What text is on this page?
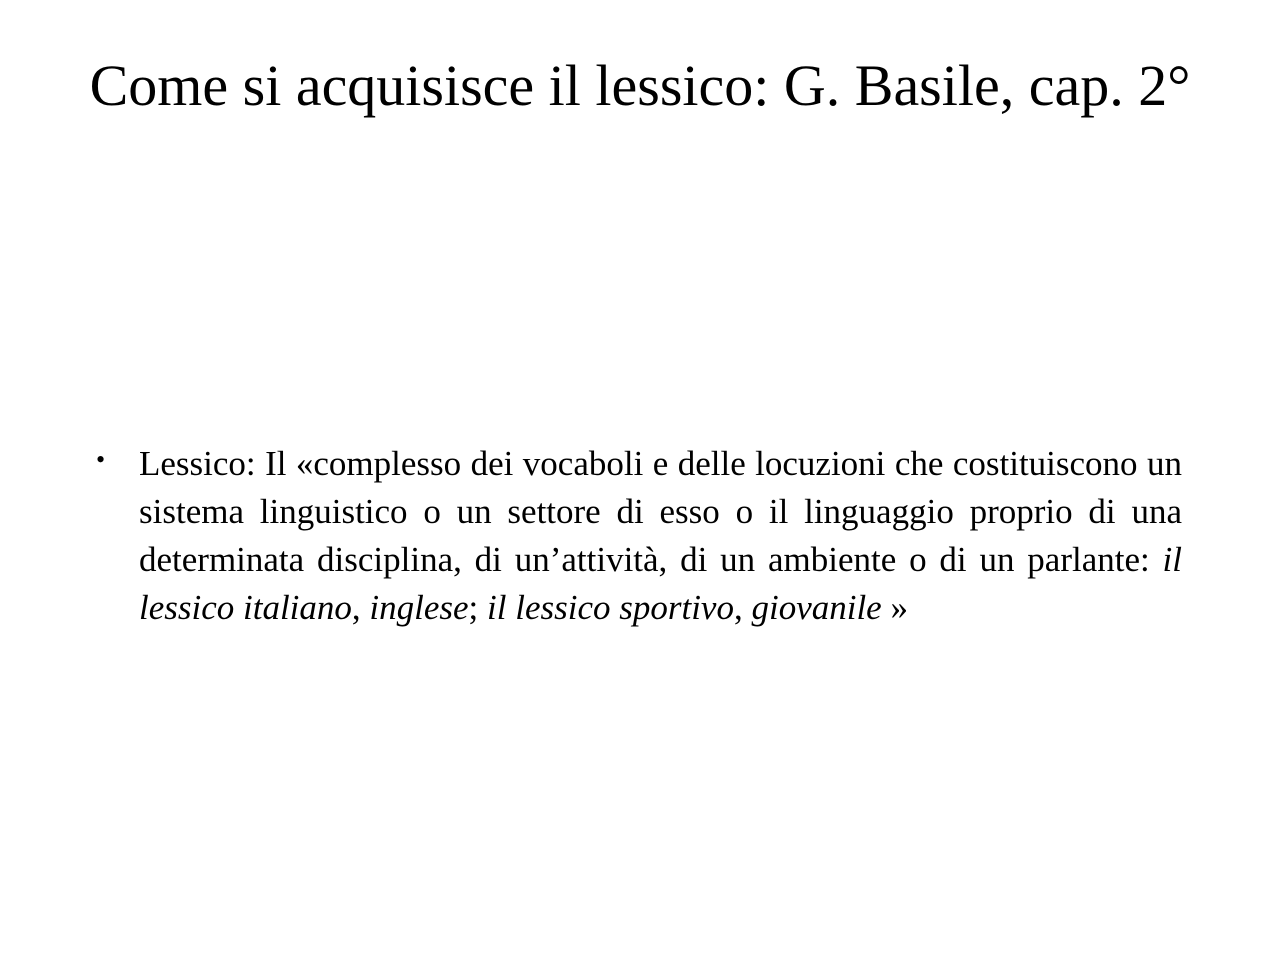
Come si acquisisce il lessico: G. Basile, cap. 2°
• Lessico: Il «complesso dei vocaboli e delle locuzioni che costituiscono un sistema linguistico o un settore di esso o il linguaggio proprio di una determinata disciplina, di un’attività, di un ambiente o di un parlante: il lessico italiano, inglese; il lessico sportivo, giovanile »
